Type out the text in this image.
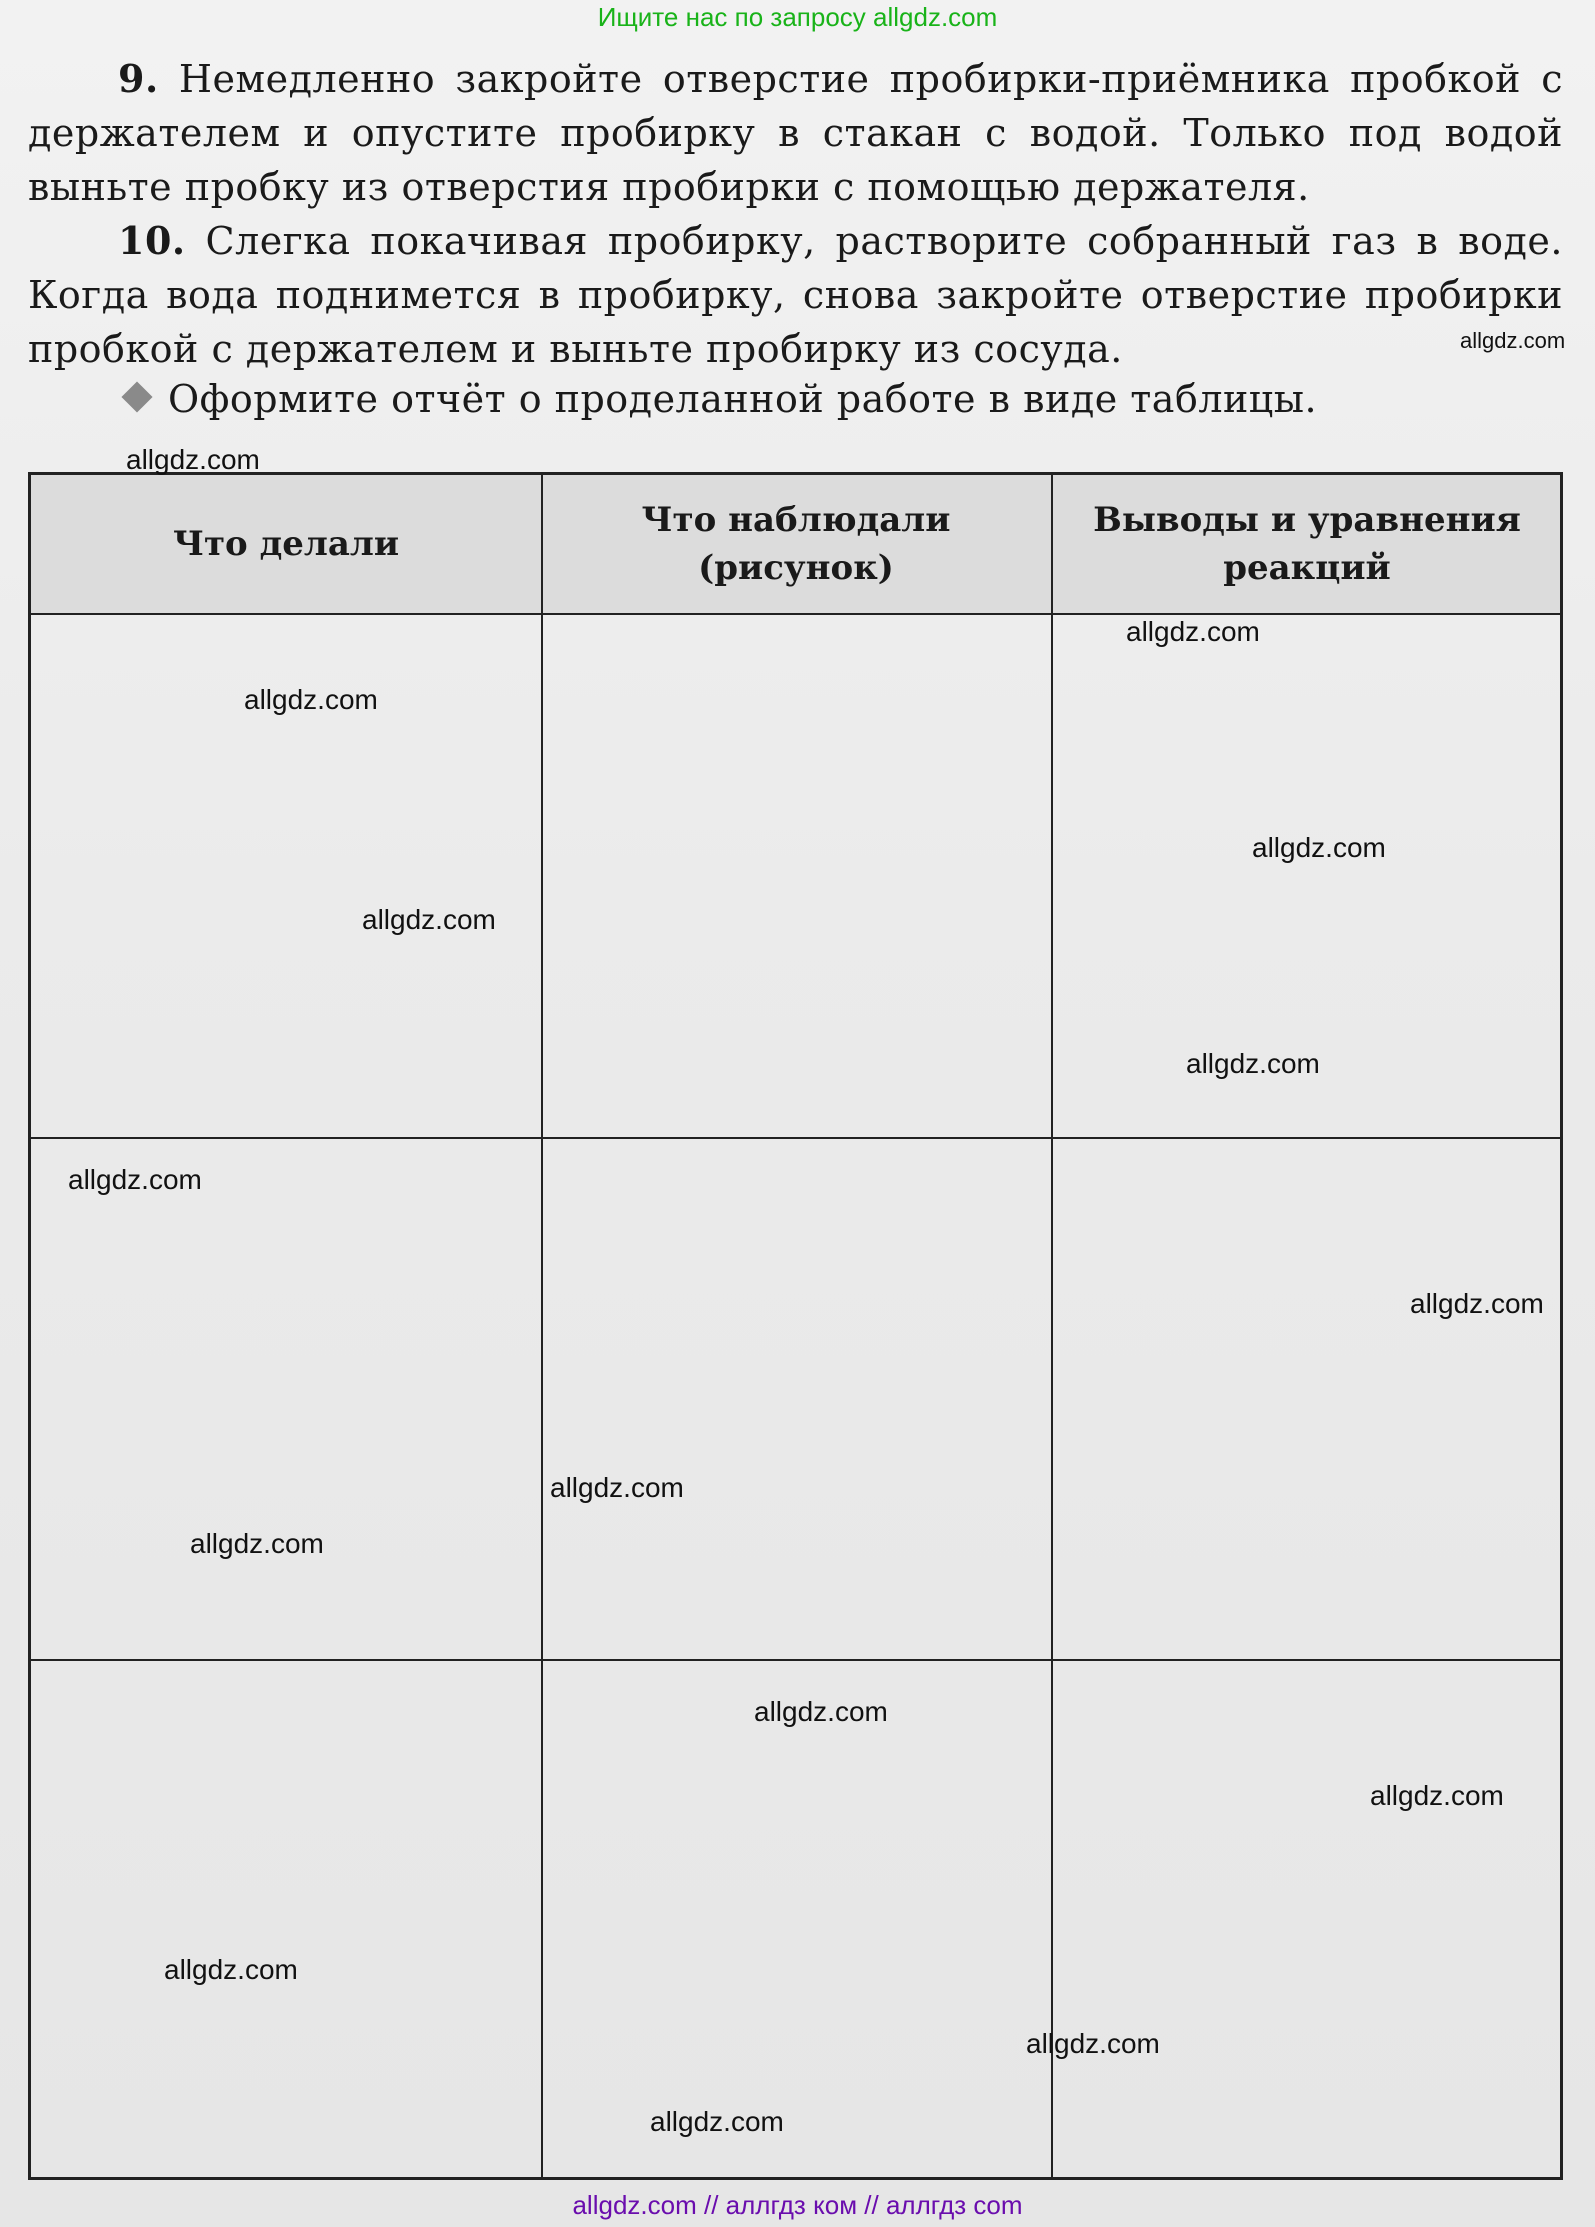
Ищите нас по запросу allgdz.com
9. Немедленно закройте отверстие пробирки-приёмника пробкой с держателем и опустите пробирку в стакан с водой. Только под водой выньте пробку из отверстия пробирки с помощью держателя.
10. Слегка покачивая пробирку, растворите собранный газ в воде. Когда вода поднимется в пробирку, снова закройте отверстие пробирки пробкой с держателем и выньте пробирку из сосуда.
Оформите отчёт о проделанной работе в виде таблицы.
Что делали
Что наблюдали (рисунок)
Выводы и уравнения реакций
allgdz.com
allgdz.com
allgdz.com
allgdz.com
allgdz.com
allgdz.com
allgdz.com
allgdz.com
allgdz.com
allgdz.com
allgdz.com
allgdz.com
allgdz.com
allgdz.com
allgdz.com
allgdz.com
allgdz.com // аллгдз ком // аллгдз com
